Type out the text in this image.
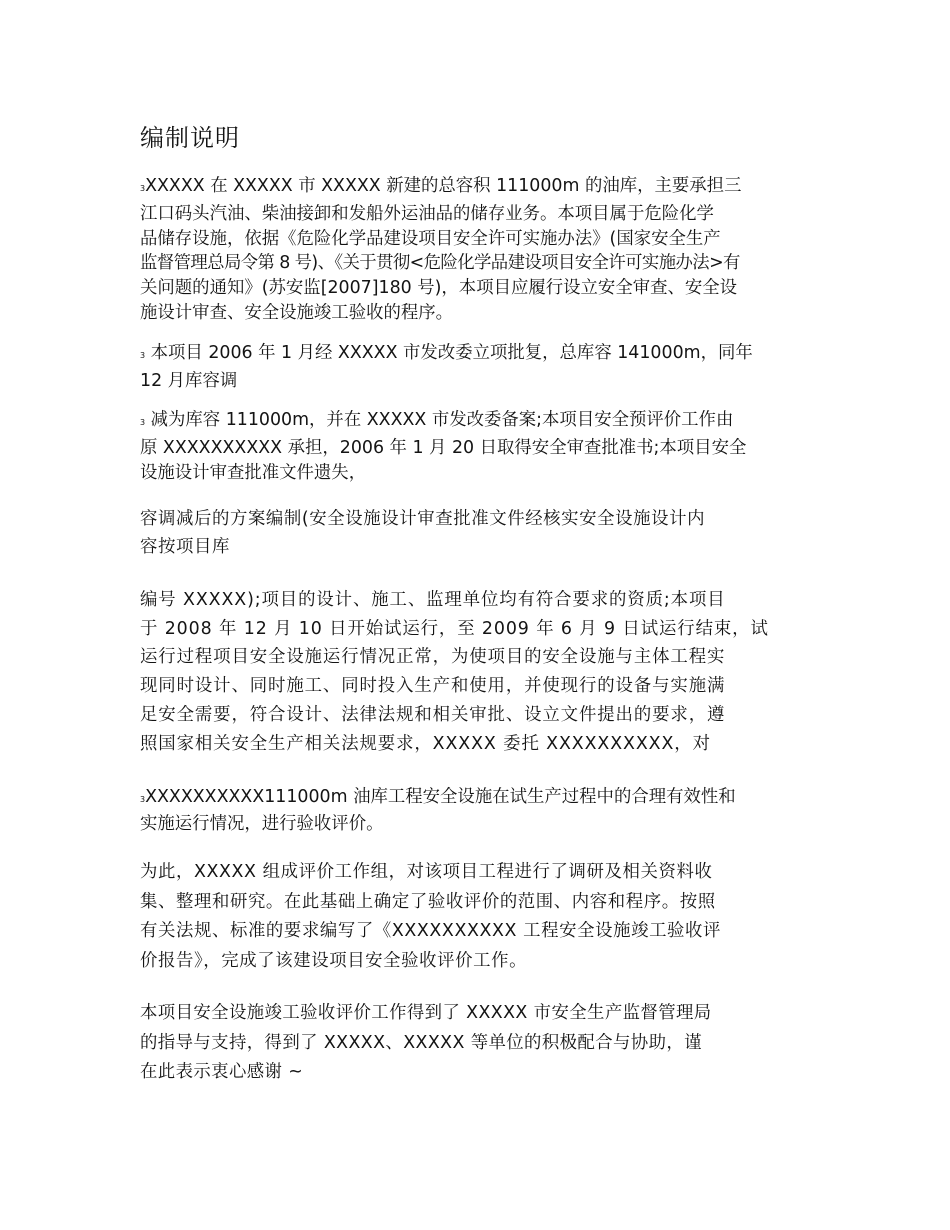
编制说明
3XXXXX 在 XXXXX 市 XXXXX 新建的总容积 111000m 的油库，主要承担三
江口码头汽油、柴油接卸和发船外运油品的储存业务。本项目属于危险化学
品储存设施，依据《危险化学品建设项目安全许可实施办法》(国家安全生产
监督管理总局令第 8 号)、《关于贯彻<危险化学品建设项目安全许可实施办法>有
关问题的通知》(苏安监[2007]180 号)，本项目应履行设立安全审查、安全设
施设计审查、安全设施竣工验收的程序。
3 本项目 2006 年 1 月经 XXXXX 市发改委立项批复，总库容 141000m，同年
12 月库容调
3 减为库容 111000m，并在 XXXXX 市发改委备案;本项目安全预评价工作由
原 XXXXXXXXXX 承担，2006 年 1 月 20 日取得安全审查批准书;本项目安全
设施设计审查批准文件遗失，
容调减后的方案编制(安全设施设计审查批准文件经核实安全设施设计内
容按项目库
编号 XXXXX);项目的设计、施工、监理单位均有符合要求的资质;本项目
于 2008 年 12 月 10 日开始试运行，至 2009 年 6 月 9 日试运行结束，试
运行过程项目安全设施运行情况正常，为使项目的安全设施与主体工程实
现同时设计、同时施工、同时投入生产和使用，并使现行的设备与实施满
足安全需要，符合设计、法律法规和相关审批、设立文件提出的要求，遵
照国家相关安全生产相关法规要求，XXXXX 委托 XXXXXXXXXX，对
3XXXXXXXXXX111000m 油库工程安全设施在试生产过程中的合理有效性和
实施运行情况，进行验收评价。
为此，XXXXX 组成评价工作组，对该项目工程进行了调研及相关资料收
集、整理和研究。在此基础上确定了验收评价的范围、内容和程序。按照
有关法规、标准的要求编写了《XXXXXXXXXX 工程安全设施竣工验收评
价报告》，完成了该建设项目安全验收评价工作。
本项目安全设施竣工验收评价工作得到了 XXXXX 市安全生产监督管理局
的指导与支持，得到了 XXXXX、XXXXX 等单位的积极配合与协助，谨
在此表示衷心感谢 ~
